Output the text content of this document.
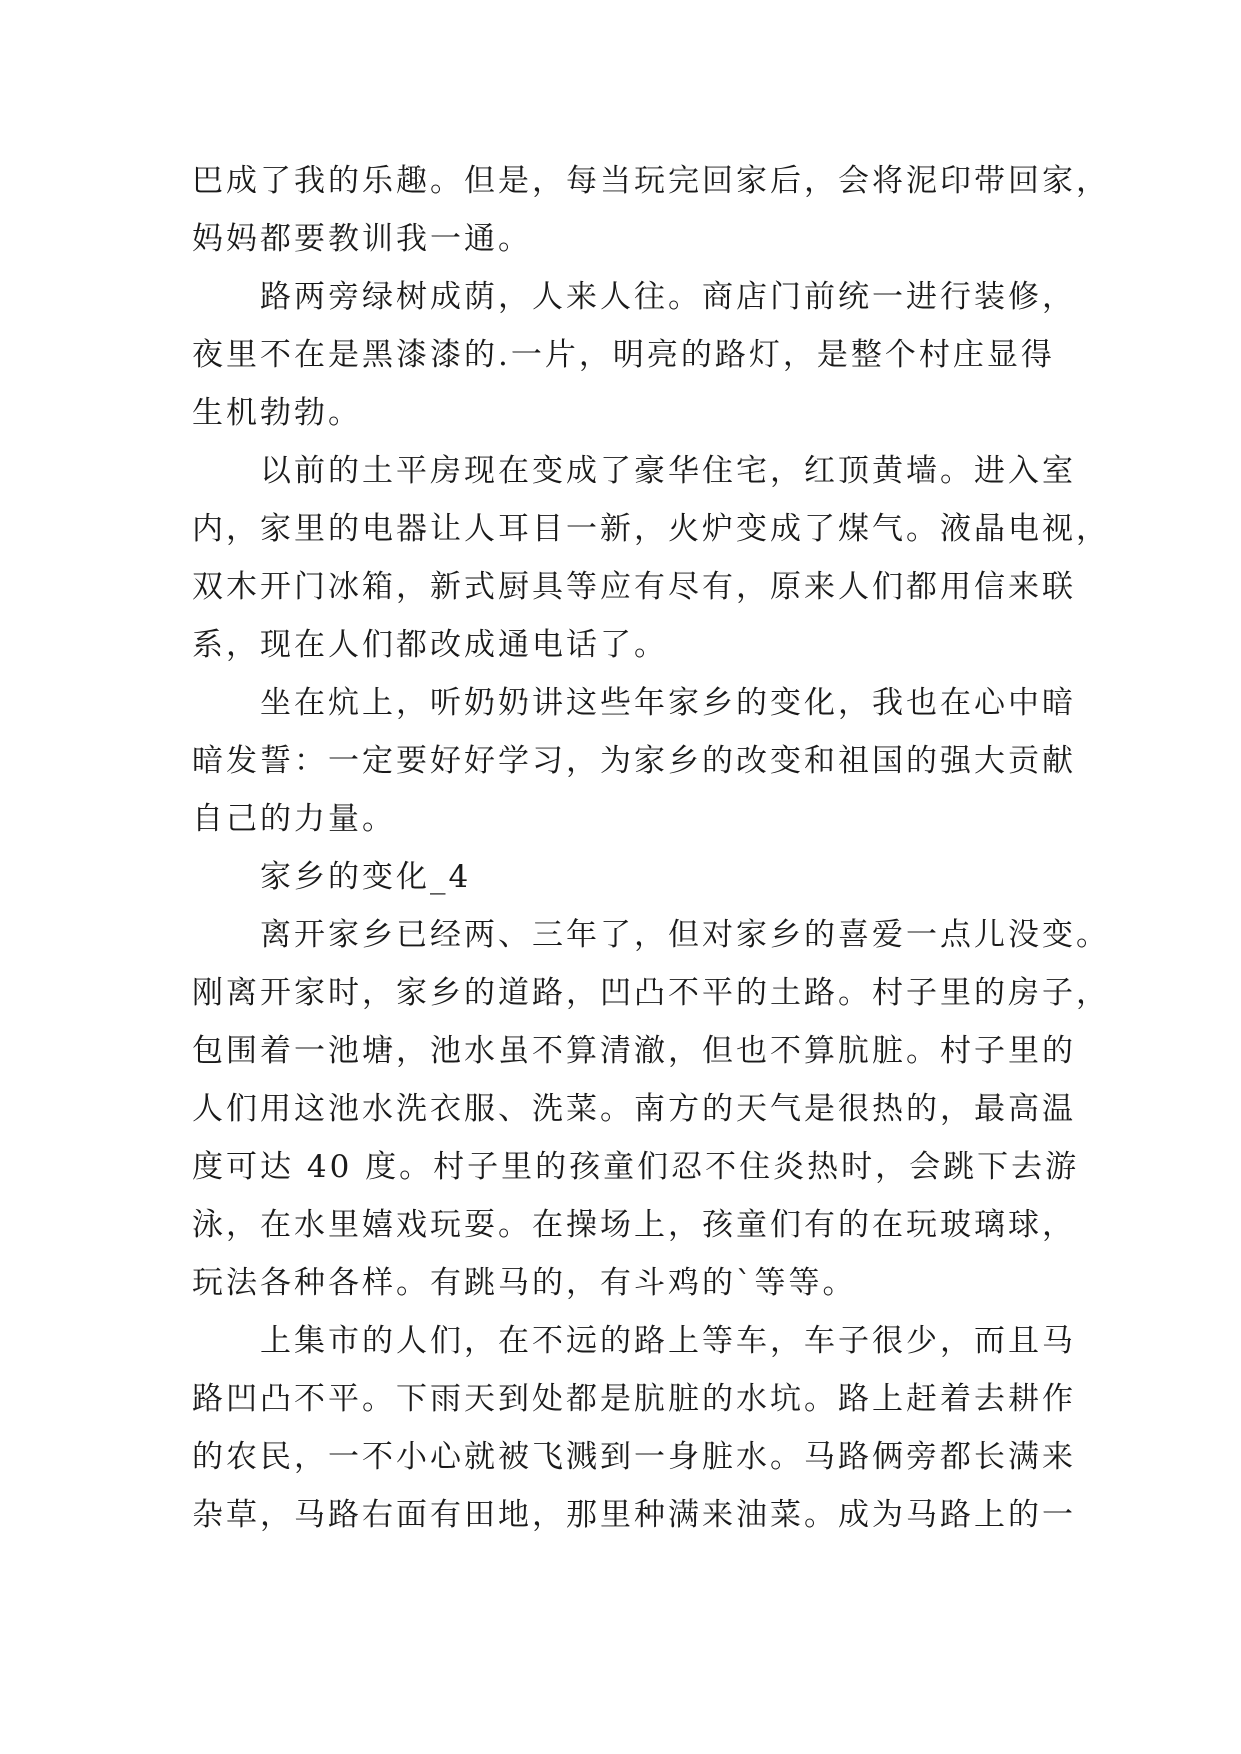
巴成了我的乐趣。但是，每当玩完回家后，会将泥印带回家，
妈妈都要教训我一通。
　　路两旁绿树成荫，人来人往。商店门前统一进行装修，
夜里不在是黑漆漆的.一片，明亮的路灯，是整个村庄显得
生机勃勃。
　　以前的土平房现在变成了豪华住宅，红顶黄墙。进入室
内，家里的电器让人耳目一新，火炉变成了煤气。液晶电视，
双木开门冰箱，新式厨具等应有尽有，原来人们都用信来联
系，现在人们都改成通电话了。
　　坐在炕上，听奶奶讲这些年家乡的变化，我也在心中暗
暗发誓：一定要好好学习，为家乡的改变和祖国的强大贡献
自己的力量。
　　家乡的变化_4
　　离开家乡已经两、三年了，但对家乡的喜爱一点儿没变。
刚离开家时，家乡的道路，凹凸不平的土路。村子里的房子，
包围着一池塘，池水虽不算清澈，但也不算肮脏。村子里的
人们用这池水洗衣服、洗菜。南方的天气是很热的，最高温
度可达 40 度。村子里的孩童们忍不住炎热时，会跳下去游
泳，在水里嬉戏玩耍。在操场上，孩童们有的在玩玻璃球，
玩法各种各样。有跳马的，有斗鸡的`等等。
　　上集市的人们，在不远的路上等车，车子很少，而且马
路凹凸不平。下雨天到处都是肮脏的水坑。路上赶着去耕作
的农民，一不小心就被飞溅到一身脏水。马路俩旁都长满来
杂草，马路右面有田地，那里种满来油菜。成为马路上的一
